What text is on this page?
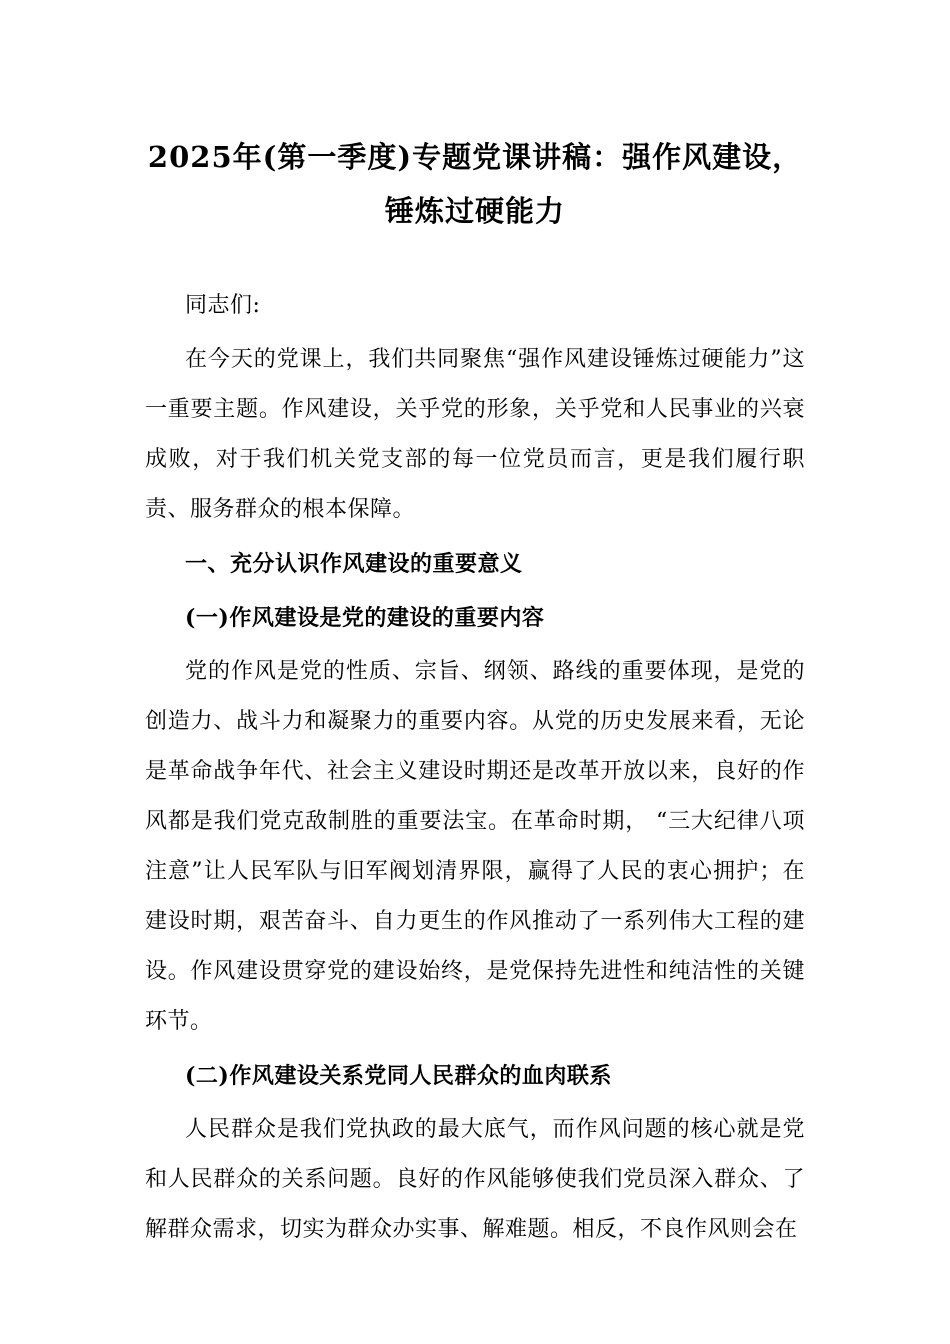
2025年(第一季度)专题党课讲稿：强作风建设，锤炼过硬能力

同志们:

在今天的党课上，我们共同聚焦“强作风建设锤炼过硬能力”这一重要主题。作风建设，关乎党的形象，关乎党和人民事业的兴衰成败，对于我们机关党支部的每一位党员而言，更是我们履行职责、服务群众的根本保障。

一、充分认识作风建设的重要意义
(一)作风建设是党的建设的重要内容

党的作风是党的性质、宗旨、纲领、路线的重要体现，是党的创造力、战斗力和凝聚力的重要内容。从党的历史发展来看，无论是革命战争年代、社会主义建设时期还是改革开放以来，良好的作风都是我们党克敌制胜的重要法宝。在革命时期， “三大纪律八项注意”让人民军队与旧军阀划清界限，赢得了人民的衷心拥护；在建设时期，艰苦奋斗、自力更生的作风推动了一系列伟大工程的建设。作风建设贯穿党的建设始终，是党保持先进性和纯洁性的关键环节。

(二)作风建设关系党同人民群众的血肉联系

人民群众是我们党执政的最大底气，而作风问题的核心就是党和人民群众的关系问题。良好的作风能够使我们党员深入群众、了解群众需求，切实为群众办实事、解难题。相反，不良作风则会在
